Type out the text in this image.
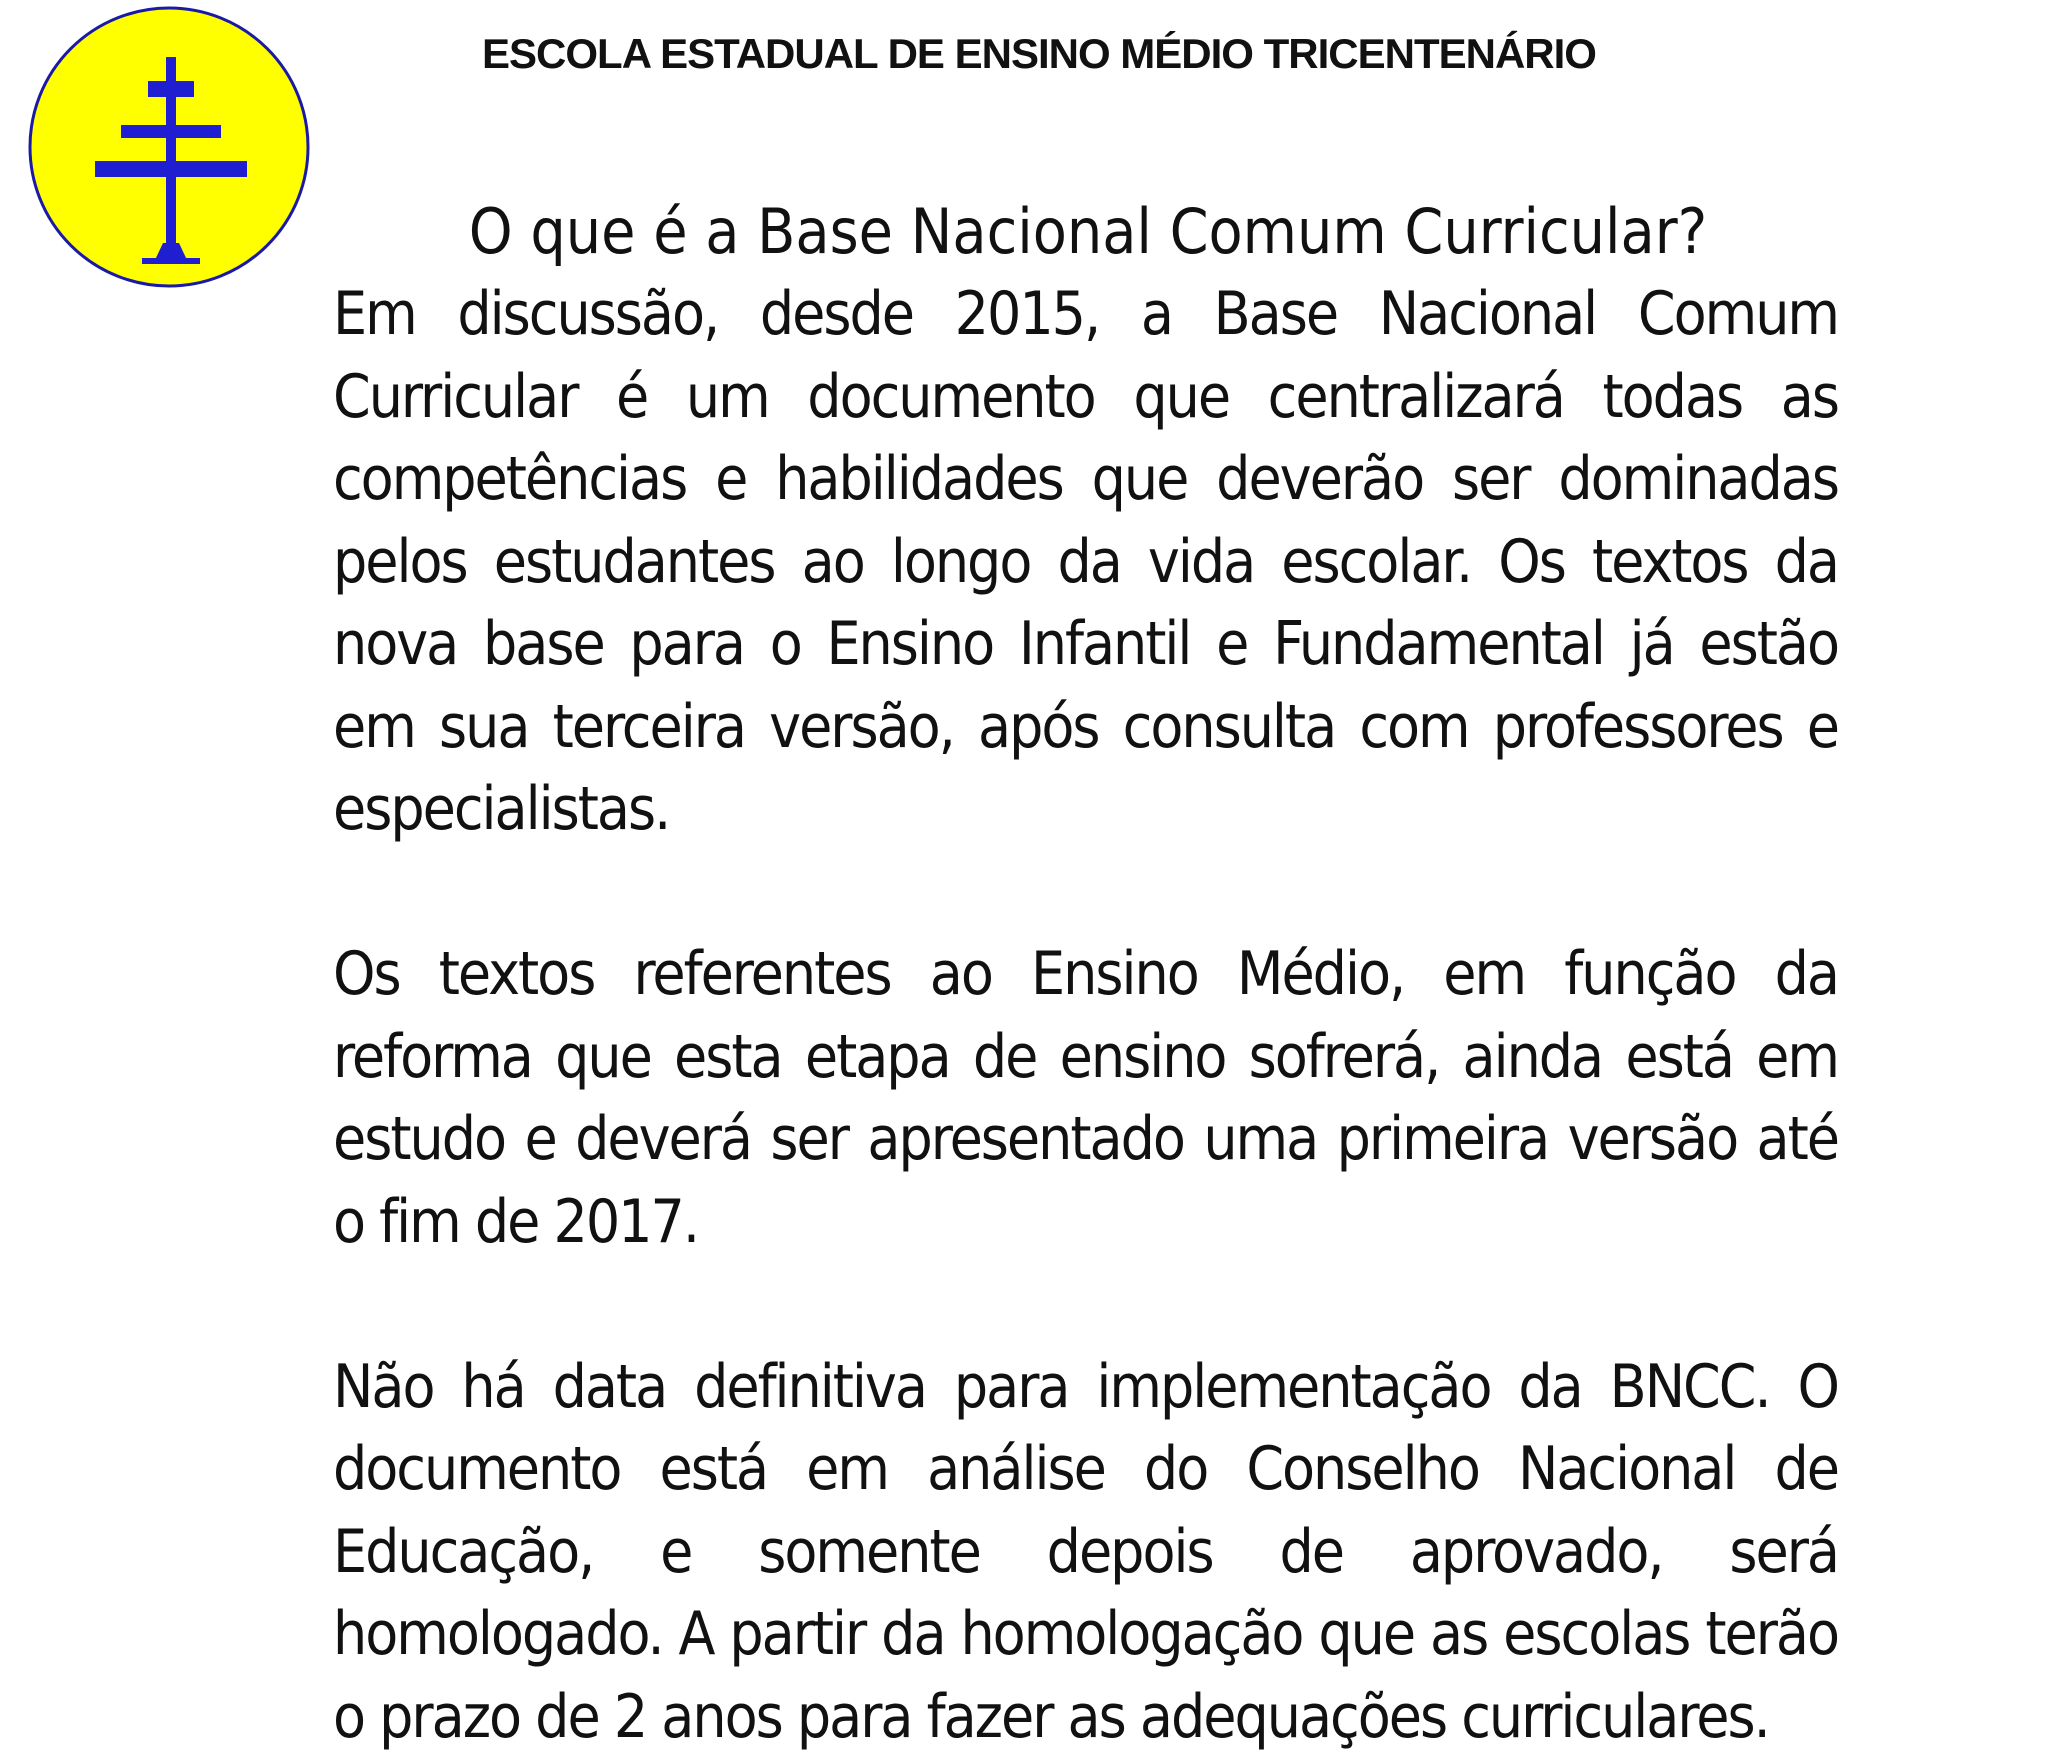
ESCOLA ESTADUAL DE ENSINO MÉDIO TRICENTENÁRIO
O que é a Base Nacional Comum Curricular?

Em discussão, desde 2015, a Base Nacional Comum Curricular é um documento que centralizará todas as competências e habilidades que deverão ser dominadas pelos estudantes ao longo da vida escolar. Os textos da nova base para o Ensino Infantil e Fundamental já estão em sua terceira versão, após consulta com professores e especialistas.

Os textos referentes ao Ensino Médio, em função da reforma que esta etapa de ensino sofrerá, ainda está em estudo e deverá ser apresentado uma primeira versão até o fim de 2017.

Não há data definitiva para implementação da BNCC. O documento está em análise do Conselho Nacional de Educação, e somente depois de aprovado, será homologado. A partir da homologação que as escolas terão o prazo de 2 anos para fazer as adequações curriculares.
